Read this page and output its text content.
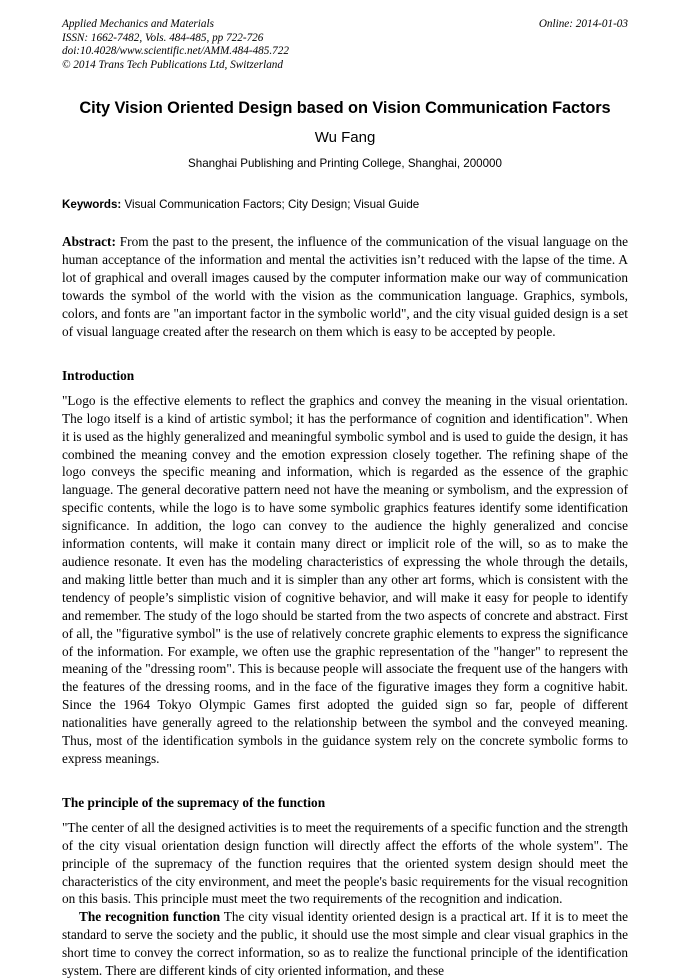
Applied Mechanics and Materials
ISSN: 1662-7482, Vols. 484-485, pp 722-726
doi:10.4028/www.scientific.net/AMM.484-485.722
© 2014 Trans Tech Publications Ltd, Switzerland
Online: 2014-01-03
City Vision Oriented Design based on Vision Communication Factors
Wu Fang
Shanghai Publishing and Printing College, Shanghai, 200000

Keywords: Visual Communication Factors; City Design; Visual Guide

Abstract: From the past to the present, the influence of the communication of the visual language on the human acceptance of the information and mental the activities isn’t reduced with the lapse of the time. A lot of graphical and overall images caused by the computer information make our way of communication towards the symbol of the world with the vision as the communication language. Graphics, symbols, colors, and fonts are "an important factor in the symbolic world", and the city visual guided design is a set of visual language created after the research on them which is easy to be accepted by people.

Introduction

"Logo is the effective elements to reflect the graphics and convey the meaning in the visual orientation. The logo itself is a kind of artistic symbol; it has the performance of cognition and identification". When it is used as the highly generalized and meaningful symbolic symbol and is used to guide the design, it has combined the meaning convey and the emotion expression closely together. The refining shape of the logo conveys the specific meaning and information, which is regarded as the essence of the graphic language. The general decorative pattern need not have the meaning or symbolism, and the expression of specific contents, while the logo is to have some symbolic graphics features identify some identification significance. In addition, the logo can convey to the audience the highly generalized and concise information contents, will make it contain many direct or implicit role of the will, so as to make the audience resonate. It even has the modeling characteristics of expressing the whole through the details, and making little better than much and it is simpler than any other art forms, which is consistent with the tendency of people’s simplistic vision of cognitive behavior, and will make it easy for people to identify and remember. The study of the logo should be started from the two aspects of concrete and abstract. First of all, the "figurative symbol" is the use of relatively concrete graphic elements to express the significance of the information. For example, we often use the graphic representation of the "hanger" to represent the meaning of the "dressing room". This is because people will associate the frequent use of the hangers with the features of the dressing rooms, and in the face of the figurative images they form a cognitive habit. Since the 1964 Tokyo Olympic Games first adopted the guided sign so far, people of different nationalities have generally agreed to the relationship between the symbol and the conveyed meaning. Thus, most of the identification symbols in the guidance system rely on the concrete symbolic forms to express meanings.

The principle of the supremacy of the function

"The center of all the designed activities is to meet the requirements of a specific function and the strength of the city visual orientation design function will directly affect the efforts of the whole system". The principle of the supremacy of the function requires that the oriented system design should meet the characteristics of the city environment, and meet the people's basic requirements for the visual recognition on this basis. This principle must meet the two requirements of the recognition and indication.

The recognition function The city visual identity oriented design is a practical art. If it is to meet the standard to serve the society and the public, it should use the most simple and clear visual graphics in the short time to convey the correct information, so as to realize the functional principle of the identification system. There are different kinds of city oriented information, and these
